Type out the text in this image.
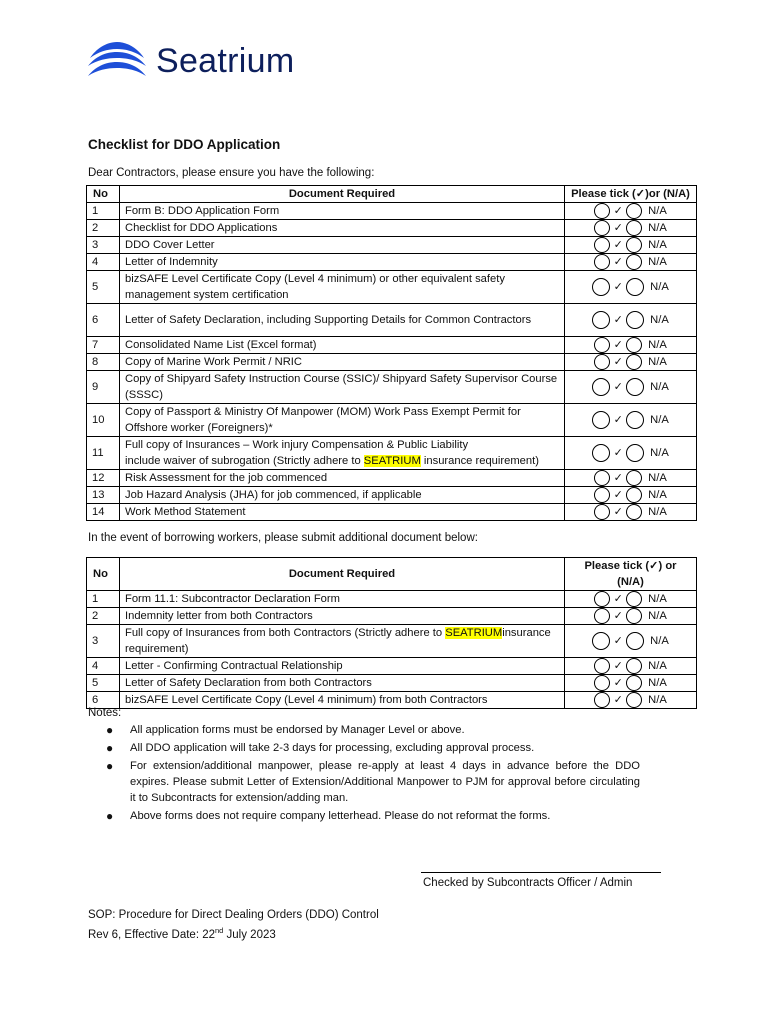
Seatrium
Checklist for DDO Application
Dear Contractors, please ensure you have the following:
No	Document Required	Please tick (✓)or (N/A)
1	Form B: DDO Application Form	✓ N/A
2	Checklist for DDO Applications	✓ N/A
3	DDO Cover Letter	✓ N/A
4	Letter of Indemnity	✓ N/A
5	bizSAFE Level Certificate Copy (Level 4 minimum) or other equivalent safety management system certification	✓ N/A
6	Letter of Safety Declaration, including Supporting Details for Common Contractors	✓ N/A
7	Consolidated Name List (Excel format)	✓ N/A
8	Copy of Marine Work Permit / NRIC	✓ N/A
9	Copy of Shipyard Safety Instruction Course (SSIC)/ Shipyard Safety Supervisor Course (SSSC)	✓ N/A
10	Copy of Passport & Ministry Of Manpower (MOM) Work Pass Exempt Permit for Offshore worker (Foreigners)*	✓ N/A
11	Full copy of Insurances – Work injury Compensation & Public Liability
include waiver of subrogation (Strictly adhere to SEATRIUM insurance requirement)	✓ N/A
12	Risk Assessment for the job commenced	✓ N/A
13	Job Hazard Analysis (JHA) for job commenced, if applicable	✓ N/A
14	Work Method Statement	✓ N/A
In the event of borrowing workers, please submit additional document below:
No	Document Required	Please tick (✓) or (N/A)
1	Form 11.1: Subcontractor Declaration Form	✓ N/A
2	Indemnity letter from both Contractors	✓ N/A
3	Full copy of Insurances from both Contractors (Strictly adhere to SEATRIUMinsurance requirement)	✓ N/A
4	Letter - Confirming Contractual Relationship	✓ N/A
5	Letter of Safety Declaration from both Contractors	✓ N/A
6	bizSAFE Level Certificate Copy (Level 4 minimum) from both Contractors	✓ N/A
Notes:
● All application forms must be endorsed by Manager Level or above.
● All DDO application will take 2-3 days for processing, excluding approval process.
● For extension/additional manpower, please re-apply at least 4 days in advance before the DDO expires. Please submit Letter of Extension/Additional Manpower to PJM for approval before circulating it to Subcontracts for extension/adding man.
● Above forms does not require company letterhead. Please do not reformat the forms.
Checked by Subcontracts Officer / Admin
SOP: Procedure for Direct Dealing Orders (DDO) Control
Rev 6, Effective Date: 22nd July 2023
